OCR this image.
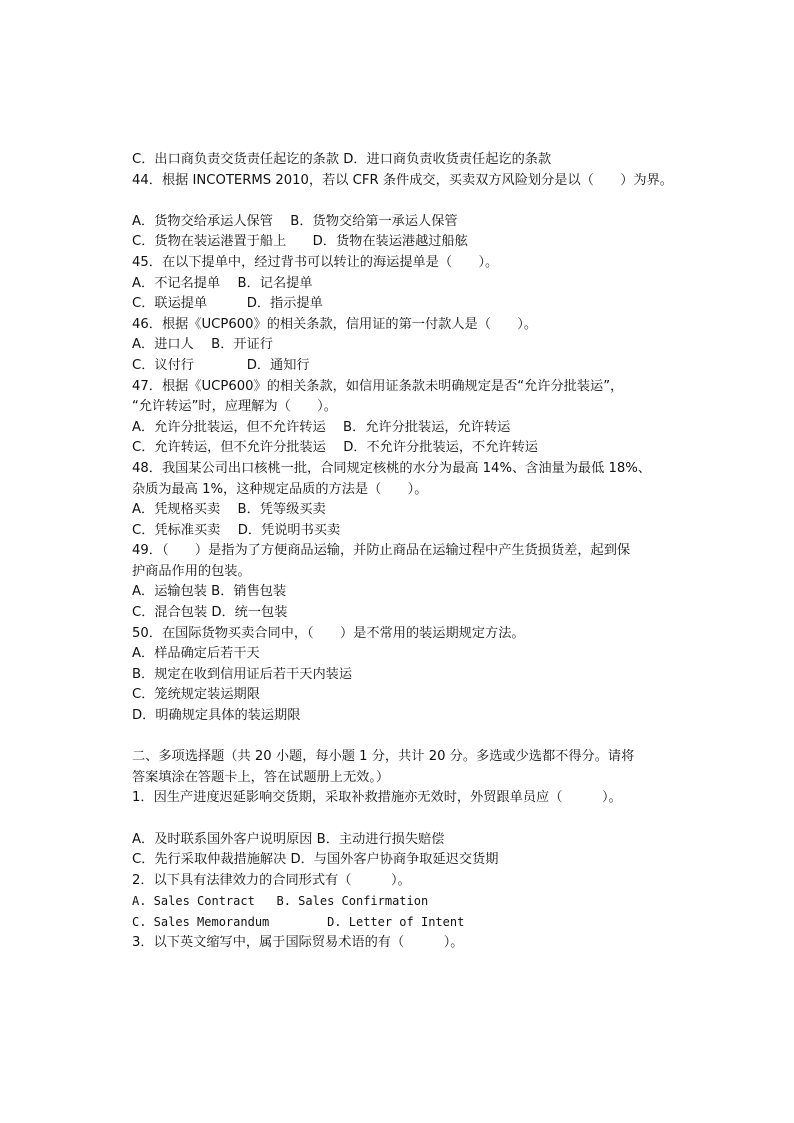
C．出口商负责交货责任起讫的条款 D．进口商负责收货责任起讫的条款
44．根据 INCOTERMS 2010，若以 CFR 条件成交，买卖双方风险划分是以（　　）为界。
A．货物交给承运人保管　 B．货物交给第一承运人保管
C．货物在装运港置于船上　　D．货物在装运港越过船舷
45．在以下提单中，经过背书可以转让的海运提单是（　　）。
A．不记名提单　 B．记名提单
C．联运提单　　　D．指示提单
46．根据《UCP600》的相关条款，信用证的第一付款人是（　　）。
A．进口人　 B．开证行
C．议付行　　　　D．通知行
47．根据《UCP600》的相关条款，如信用证条款未明确规定是否“允许分批装运”，
“允许转运”时，应理解为（　　）。
A．允许分批装运，但不允许转运　 B．允许分批装运，允许转运
C．允许转运，但不允许分批装运　 D．不允许分批装运，不允许转运
48．我国某公司出口核桃一批，合同规定核桃的水分为最高 14%、含油量为最低 18%、
杂质为最高 1%，这种规定品质的方法是（　　）。
A．凭规格买卖　 B．凭等级买卖
C．凭标准买卖　 D．凭说明书买卖
49．（　　）是指为了方便商品运输，并防止商品在运输过程中产生货损货差，起到保
护商品作用的包装。
A．运输包装 B．销售包装
C．混合包装 D．统一包装
50．在国际货物买卖合同中，（　　）是不常用的装运期规定方法。
A．样品确定后若干天
B．规定在收到信用证后若干天内装运
C．笼统规定装运期限
D．明确规定具体的装运期限
二、多项选择题（共 20 小题，每小题 1 分，共计 20 分。多选或少选都不得分。请将
答案填涂在答题卡上，答在试题册上无效。）
1．因生产进度迟延影响交货期，采取补救措施亦无效时，外贸跟单员应（　　　）。
A．及时联系国外客户说明原因 B．主动进行损失赔偿
C．先行采取仲裁措施解决 D．与国外客户协商争取延迟交货期
2．以下具有法律效力的合同形式有（　　　）。
A. Sales Contract   B. Sales Confirmation
C. Sales Memorandum        D. Letter of Intent
3．以下英文缩写中，属于国际贸易术语的有（　　　）。
